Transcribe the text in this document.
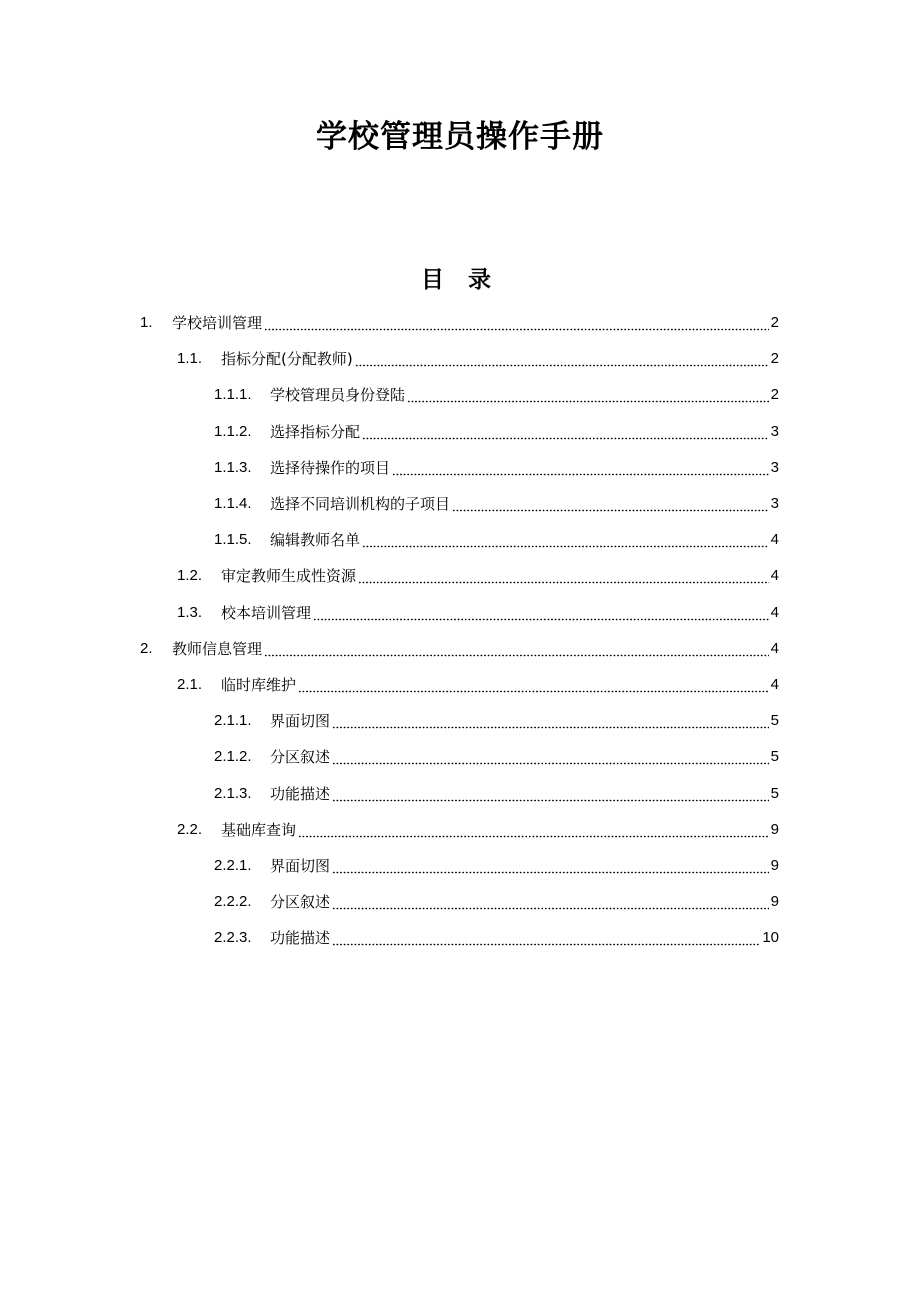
学校管理员操作手册
目 录
1.	学校培训管理	2
1.1.	指标分配(分配教师)	2
1.1.1.	学校管理员身份登陆	2
1.1.2.	选择指标分配	3
1.1.3.	选择待操作的项目	3
1.1.4.	选择不同培训机构的子项目	3
1.1.5.	编辑教师名单	4
1.2.	审定教师生成性资源	4
1.3.	校本培训管理	4
2.	教师信息管理	4
2.1.	临时库维护	4
2.1.1.	界面切图	5
2.1.2.	分区叙述	5
2.1.3.	功能描述	5
2.2.	基础库查询	9
2.2.1.	界面切图	9
2.2.2.	分区叙述	9
2.2.3.	功能描述	10
